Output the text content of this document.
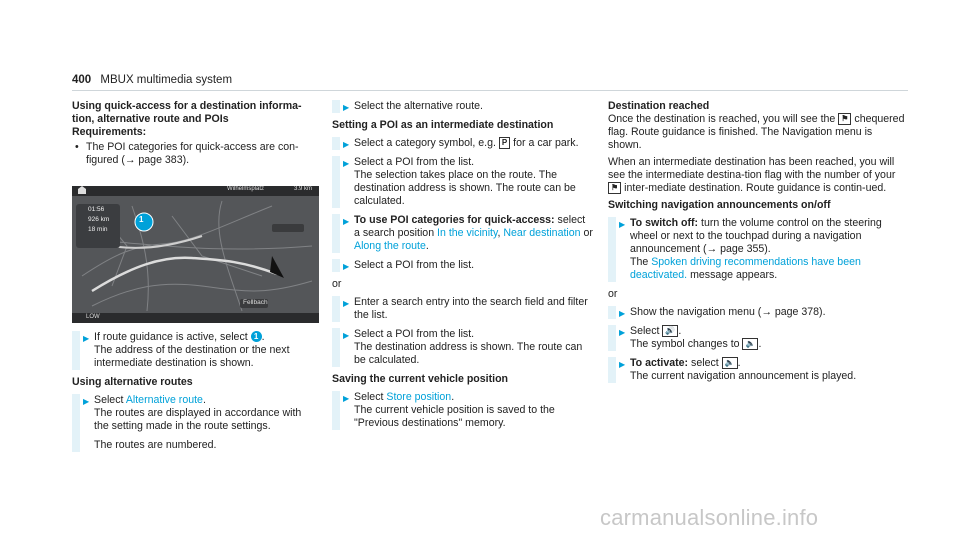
400 MBUX multimedia system

Using quick-access for a destination informa-tion, alternative route and POIs

Requirements:

• The POI categories for quick-access are con-figured (→ page 383).
Wilhelmsplatz	3.9 km
01:56
926 km
18 min
Fellbach
LOW
1
▶ If route guidance is active, select 1 .
The address of the destination or the next intermediate destination is shown.

Using alternative routes

▶ Select Alternative route.
The routes are displayed in accordance with the setting made in the route settings.
The routes are numbered.
▶ Select the alternative route.

Setting a POI as an intermediate destination

▶ Select a category symbol, e.g. P for a car park.
▶ Select a POI from the list.
The selection takes place on the route. The destination address is shown. The route can be calculated.
▶ To use POI categories for quick-access: select a search position In the vicinity, Near destination or Along the route.
▶ Select a POI from the list.

or

▶ Enter a search entry into the search field and filter the list.
▶ Select a POI from the list.
The destination address is shown. The route can be calculated.

Saving the current vehicle position

▶ Select Store position.
The current vehicle position is saved to the "Previous destinations" memory.

Destination reached

Once the destination is reached, you will see the ⚑ chequered flag. Route guidance is finished. The Navigation menu is shown.

When an intermediate destination has been reached, you will see the intermediate destina-tion flag with the number of your ⚑ inter-mediate destination. Route guidance is contin-ued.

Switching navigation announcements on/off

▶ To switch off: turn the volume control on the steering wheel or next to the touchpad during a navigation announcement (→ page 355).
The Spoken driving recommendations have been deactivated. message appears.

or

▶ Show the navigation menu (→ page 378).
▶ Select 🔊 .
The symbol changes to 🔈 .
▶ To activate: select 🔈 .
The current navigation announcement is played.
carmanualsonline.info
